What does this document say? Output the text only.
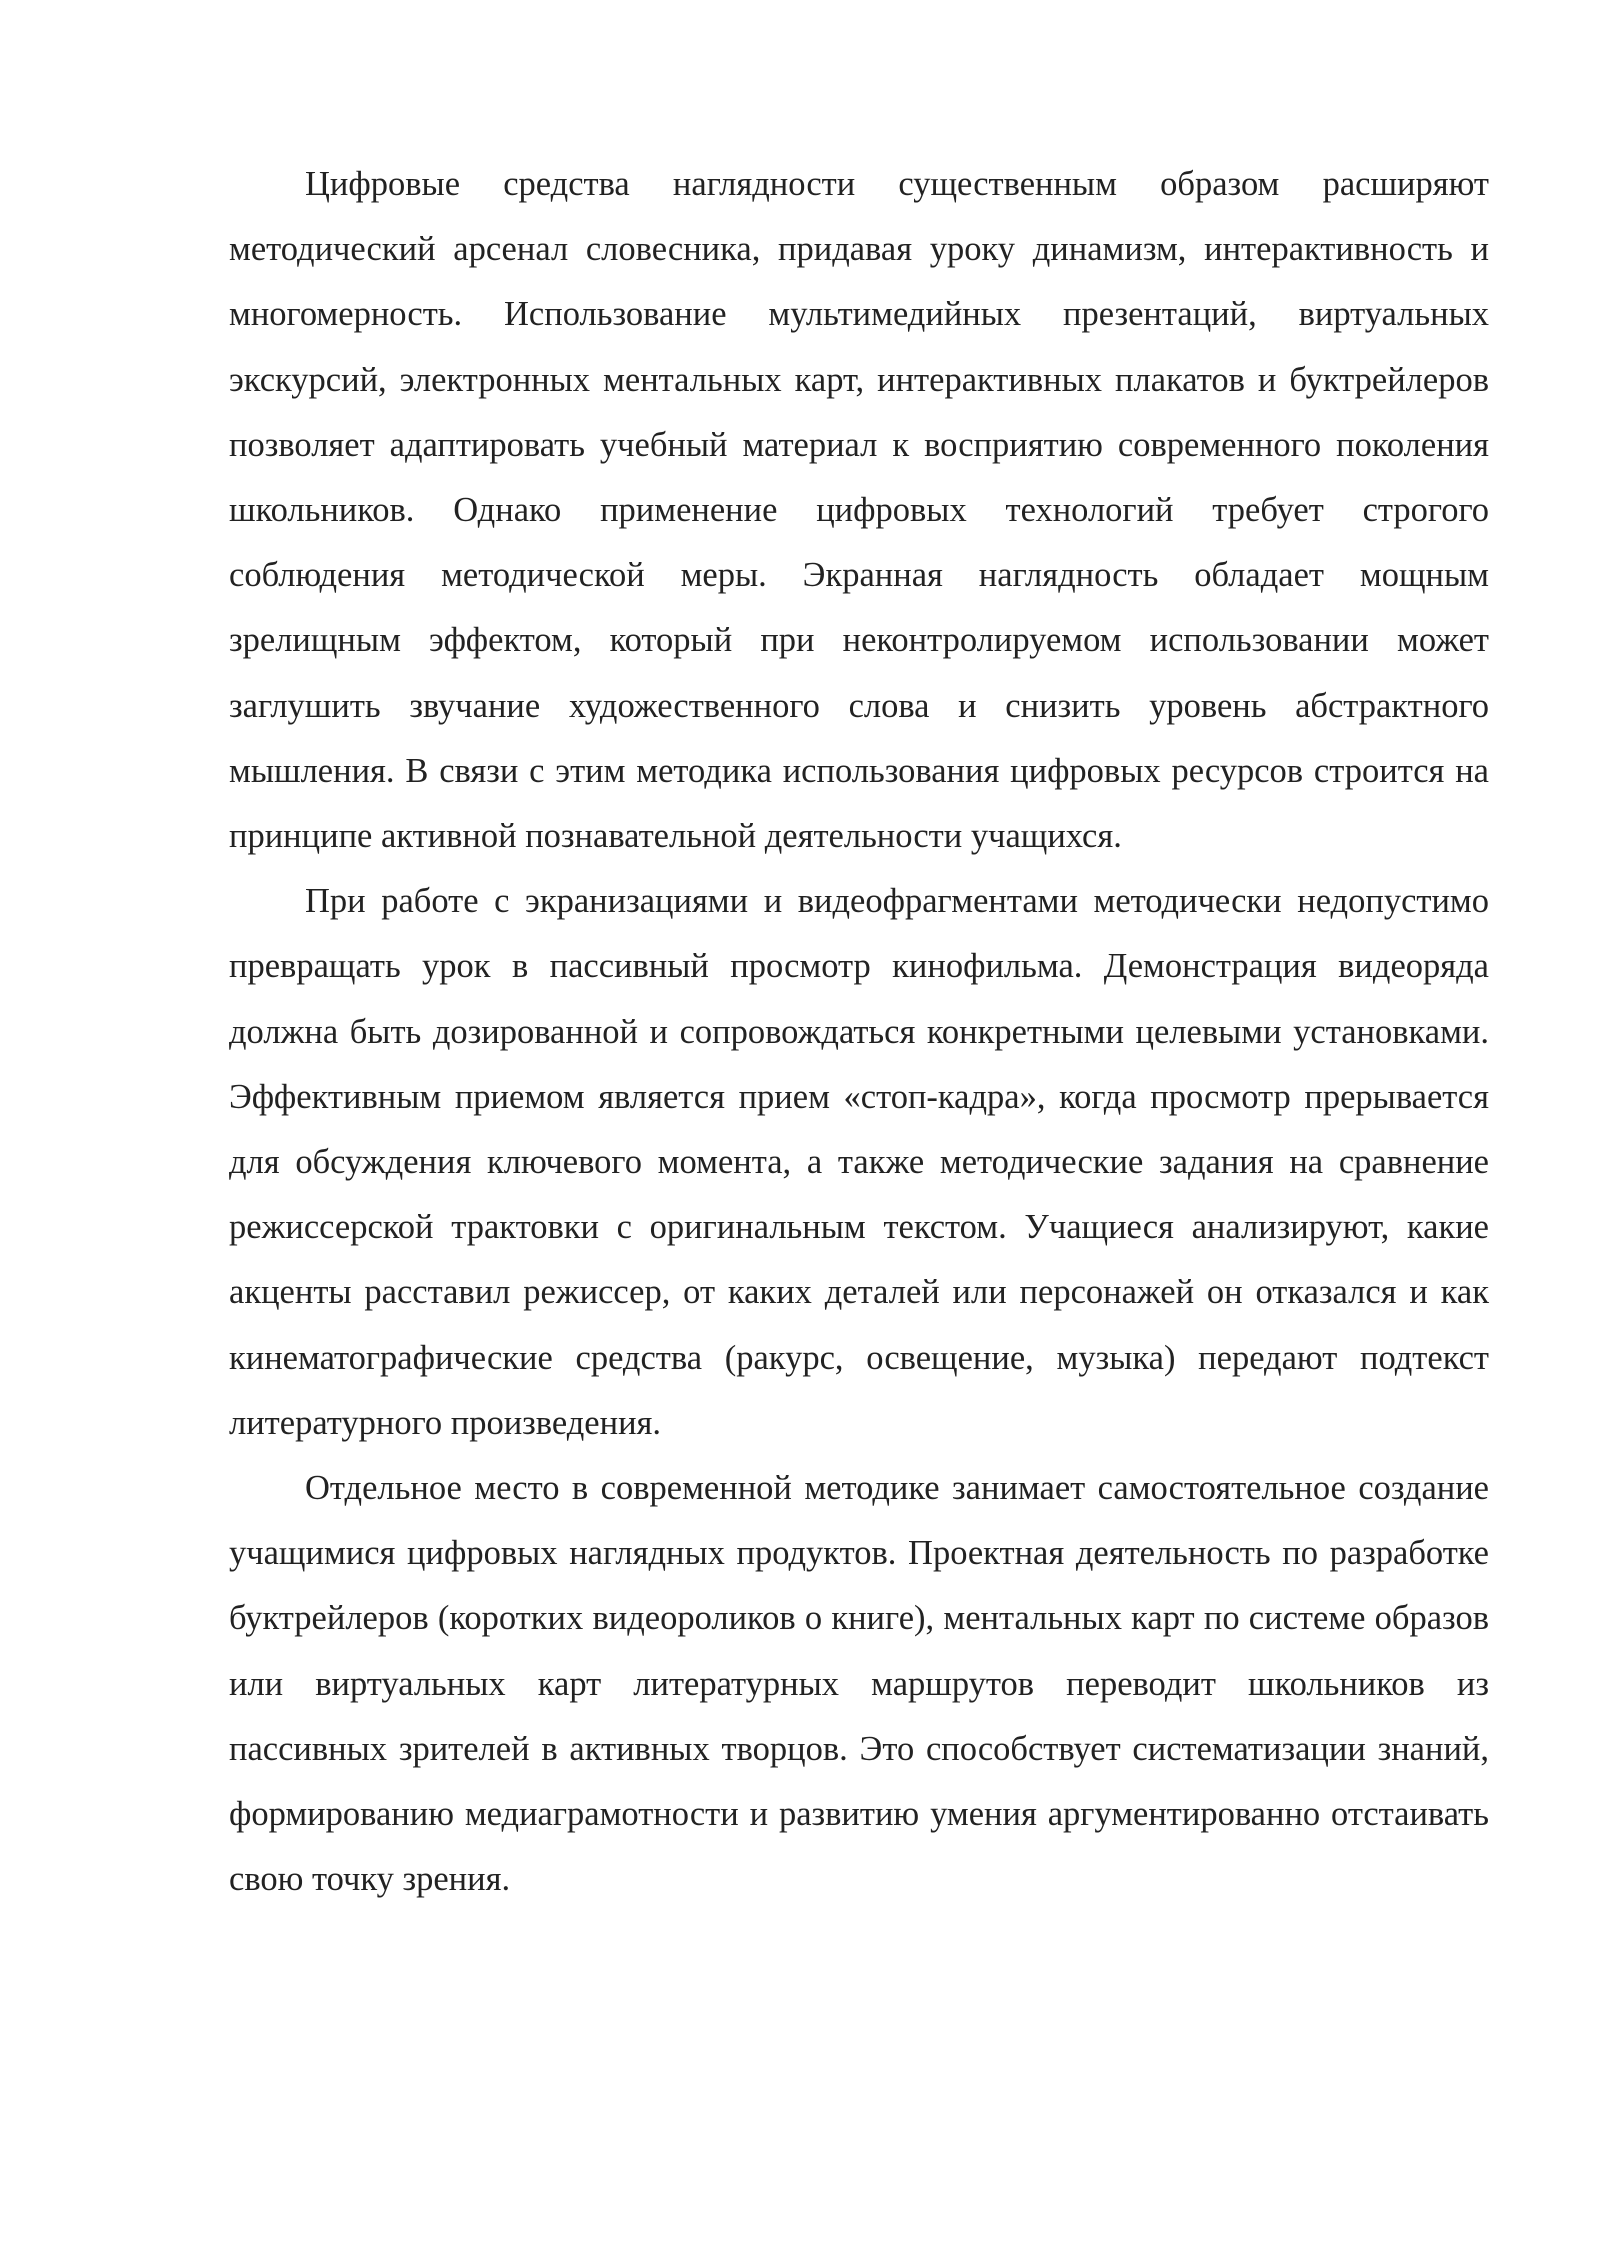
Цифровые средства наглядности существенным образом расширяют методический арсенал словесника, придавая уроку динамизм, интерактивность и многомерность. Использование мультимедийных презентаций, виртуальных экскурсий, электронных ментальных карт, интерактивных плакатов и буктрейлеров позволяет адаптировать учебный материал к восприятию современного поколения школьников. Однако применение цифровых технологий требует строгого соблюдения методической меры. Экранная наглядность обладает мощным зрелищным эффектом, который при неконтролируемом использовании может заглушить звучание художественного слова и снизить уровень абстрактного мышления. В связи с этим методика использования цифровых ресурсов строится на принципе активной познавательной деятельности учащихся.

При работе с экранизациями и видеофрагментами методически недопустимо превращать урок в пассивный просмотр кинофильма. Демонстрация видеоряда должна быть дозированной и сопровождаться конкретными целевыми установками. Эффективным приемом является прием «стоп-кадра», когда просмотр прерывается для обсуждения ключевого момента, а также методические задания на сравнение режиссерской трактовки с оригинальным текстом. Учащиеся анализируют, какие акценты расставил режиссер, от каких деталей или персонажей он отказался и как кинематографические средства (ракурс, освещение, музыка) передают подтекст литературного произведения.

Отдельное место в современной методике занимает самостоятельное создание учащимися цифровых наглядных продуктов. Проектная деятельность по разработке буктрейлеров (коротких видеороликов о книге), ментальных карт по системе образов или виртуальных карт литературных маршрутов переводит школьников из пассивных зрителей в активных творцов. Это способствует систематизации знаний, формированию медиаграмотности и развитию умения аргументированно отстаивать свою точку зрения.
